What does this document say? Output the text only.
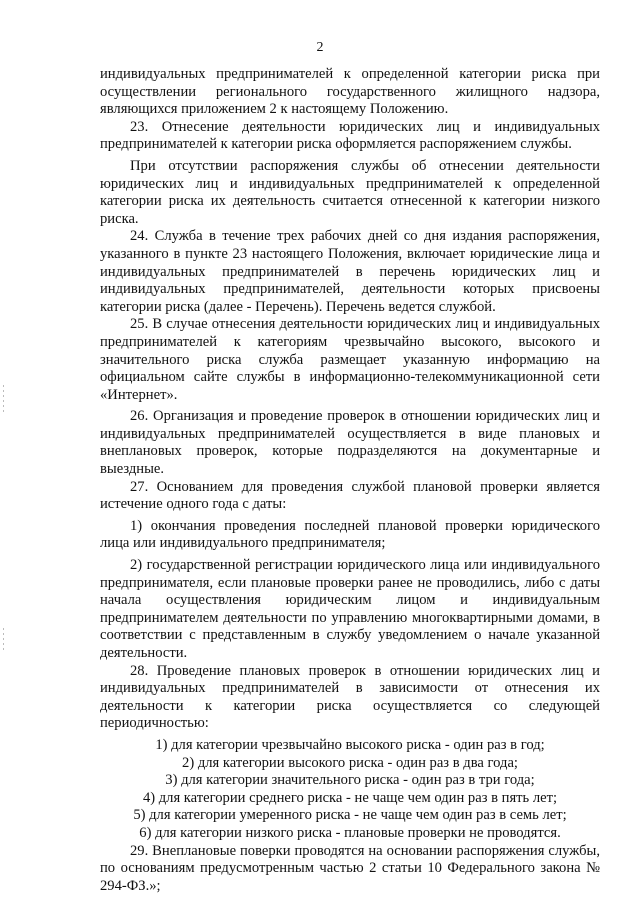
2

индивидуальных предпринимателей к определенной категории риска при осуществлении регионального государственного жилищного надзора, являющихся приложением 2 к настоящему Положению.

23. Отнесение деятельности юридических лиц и индивидуальных предпринимателей к категории риска оформляется распоряжением службы.

При отсутствии распоряжения службы об отнесении деятельности юридических лиц и индивидуальных предпринимателей к определенной категории риска их деятельность считается отнесенной к категории низкого риска.

24. Служба в течение трех рабочих дней со дня издания распоряжения, указанного в пункте 23 настоящего Положения, включает юридические лица и индивидуальных предпринимателей в перечень юридических лиц и индивидуальных предпринимателей, деятельности которых присвоены категории риска (далее - Перечень). Перечень ведется службой.

25. В случае отнесения деятельности юридических лиц и индивидуальных предпринимателей к категориям чрезвычайно высокого, высокого и значительного риска служба размещает указанную информацию на официальном сайте службы в информационно-телекоммуникационной сети «Интернет».

26. Организация и проведение проверок в отношении юридических лиц и индивидуальных предпринимателей осуществляется в виде плановых и внеплановых проверок, которые подразделяются на документарные и выездные.

27. Основанием для проведения службой плановой проверки является истечение одного года с даты:

1) окончания проведения последней плановой проверки юридического лица или индивидуального предпринимателя;

2) государственной регистрации юридического лица или индивидуального предпринимателя, если плановые проверки ранее не проводились, либо с даты начала осуществления юридическим лицом и индивидуальным предпринимателем деятельности по управлению многоквартирными домами, в соответствии с представленным в службу уведомлением о начале указанной деятельности.

28. Проведение плановых проверок в отношении юридических лиц и индивидуальных предпринимателей в зависимости от отнесения их деятельности к категории риска осуществляется со следующей периодичностью:

1) для категории чрезвычайно высокого риска - один раз в год;

2) для категории высокого риска - один раз в два года;

3) для категории значительного риска - один раз в три года;

4) для категории среднего риска - не чаще чем один раз в пять лет;

5) для категории умеренного риска - не чаще чем один раз в семь лет;

6) для категории низкого риска - плановые проверки не проводятся.

29. Внеплановые поверки проводятся на основании распоряжения службы, по основаниям предусмотренным частью 2 статьи 10 Федерального закона № 294-ФЗ.»;
